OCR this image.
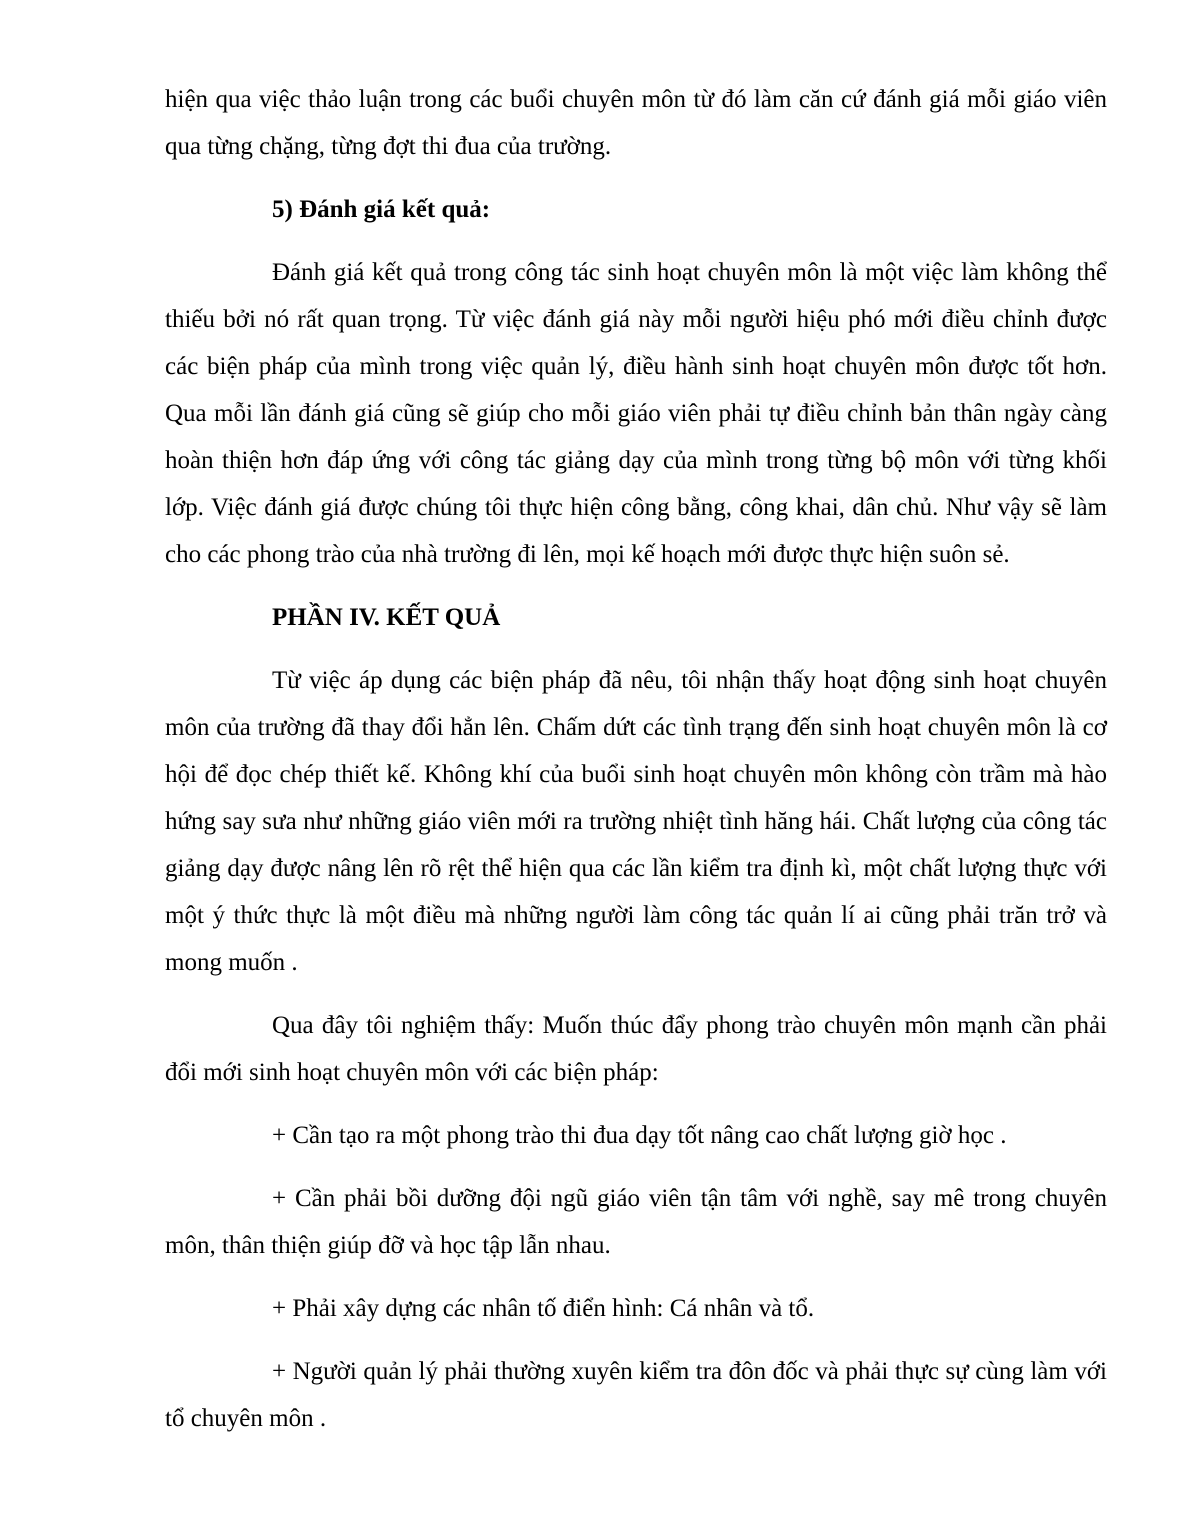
hiện qua việc thảo luận trong các buổi chuyên môn từ đó làm căn cứ đánh giá mỗi giáo viên qua từng chặng, từng đợt thi đua của trường.

5) Đánh giá kết quả:

Đánh giá kết quả trong công tác sinh hoạt chuyên môn là một việc làm không thể thiếu bởi nó rất quan trọng. Từ việc đánh giá này mỗi người hiệu phó mới điều chỉnh được các biện pháp của mình trong việc quản lý, điều hành sinh hoạt chuyên môn được tốt hơn. Qua mỗi lần đánh giá cũng sẽ giúp cho mỗi giáo viên phải tự điều chỉnh bản thân ngày càng hoàn thiện hơn đáp ứng với công tác giảng dạy của mình trong từng bộ môn với từng khối lớp. Việc đánh giá được chúng tôi thực hiện công bằng, công khai, dân chủ. Như vậy sẽ làm cho các phong trào của nhà trường đi lên, mọi kế hoạch mới được thực hiện suôn sẻ.

PHẦN IV. KẾT QUẢ

Từ việc áp dụng các biện pháp đã nêu, tôi nhận thấy hoạt động sinh hoạt chuyên môn của trường đã thay đổi hẳn lên. Chấm dứt các tình trạng đến sinh hoạt chuyên môn là cơ hội để đọc chép thiết kế. Không khí của buổi sinh hoạt chuyên môn không còn trầm mà hào hứng say sưa như những giáo viên mới ra trường nhiệt tình hăng hái. Chất lượng của công tác giảng dạy được nâng lên rõ rệt thể hiện qua các lần kiểm tra định kì, một chất lượng thực với một ý thức thực là một điều mà những người làm công tác quản lí ai cũng phải trăn trở và mong muốn .

Qua đây tôi nghiệm thấy: Muốn thúc đẩy phong trào chuyên môn mạnh cần phải đổi mới sinh hoạt chuyên môn với các biện pháp:

+ Cần tạo ra một phong trào thi đua dạy tốt nâng cao chất lượng giờ học .

+ Cần phải bồi dưỡng đội ngũ giáo viên tận tâm với nghề, say mê trong chuyên môn, thân thiện giúp đỡ và học tập lẫn nhau.

+ Phải xây dựng các nhân tố điển hình: Cá nhân và tổ.

+ Người quản lý phải thường xuyên kiểm tra đôn đốc và phải thực sự cùng làm với tổ chuyên môn .
